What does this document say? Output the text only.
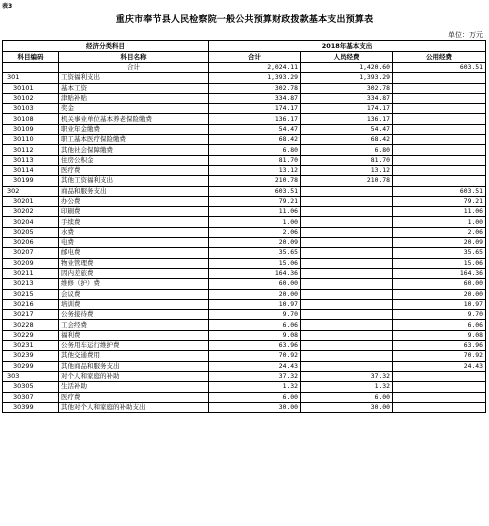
表3
重庆市奉节县人民检察院一般公共预算财政拨款基本支出预算表
单位：万元
经济分类科目		2018年基本支出		
科目编码	科目名称	合计	人员经费	公用经费
	合计	2,024.11	1,420.60	603.51
301	工资福利支出	1,393.29	1,393.29	
30101	基本工资	302.78	302.78	
30102	津贴补贴	334.87	334.87	
30103	奖金	174.17	174.17	
30108	机关事业单位基本养老保险缴费	136.17	136.17	
30109	职业年金缴费	54.47	54.47	
30110	职工基本医疗保险缴费	68.42	68.42	
30112	其他社会保障缴费	6.80	6.80	
30113	住房公积金	81.70	81.70	
30114	医疗费	13.12	13.12	
30199	其他工资福利支出	210.78	210.78	
302	商品和服务支出	603.51		603.51
30201	办公费	79.21		79.21
30202	印刷费	11.06		11.06
30204	手续费	1.00		1.00
30205	水费	2.06		2.06
30206	电费	20.09		20.09
30207	邮电费	35.65		35.65
30209	物业管理费	15.06		15.06
30211	因内差旅费	164.36		164.36
30213	维修（护）费	60.00		60.00
30215	会议费	20.00		20.00
30216	培训费	10.97		10.97
30217	公务接待费	9.70		9.70
30228	工会经费	6.06		6.06
30229	福利费	9.08		9.08
30231	公务用车运行维护费	63.96		63.96
30239	其他交通费用	70.92		70.92
30299	其他商品和服务支出	24.43		24.43
303	对个人和家庭的补助	37.32	37.32	
30305	生活补助	1.32	1.32	
30307	医疗费	6.00	6.00	
30399	其他对个人和家庭的补助支出	30.00	30.00	
